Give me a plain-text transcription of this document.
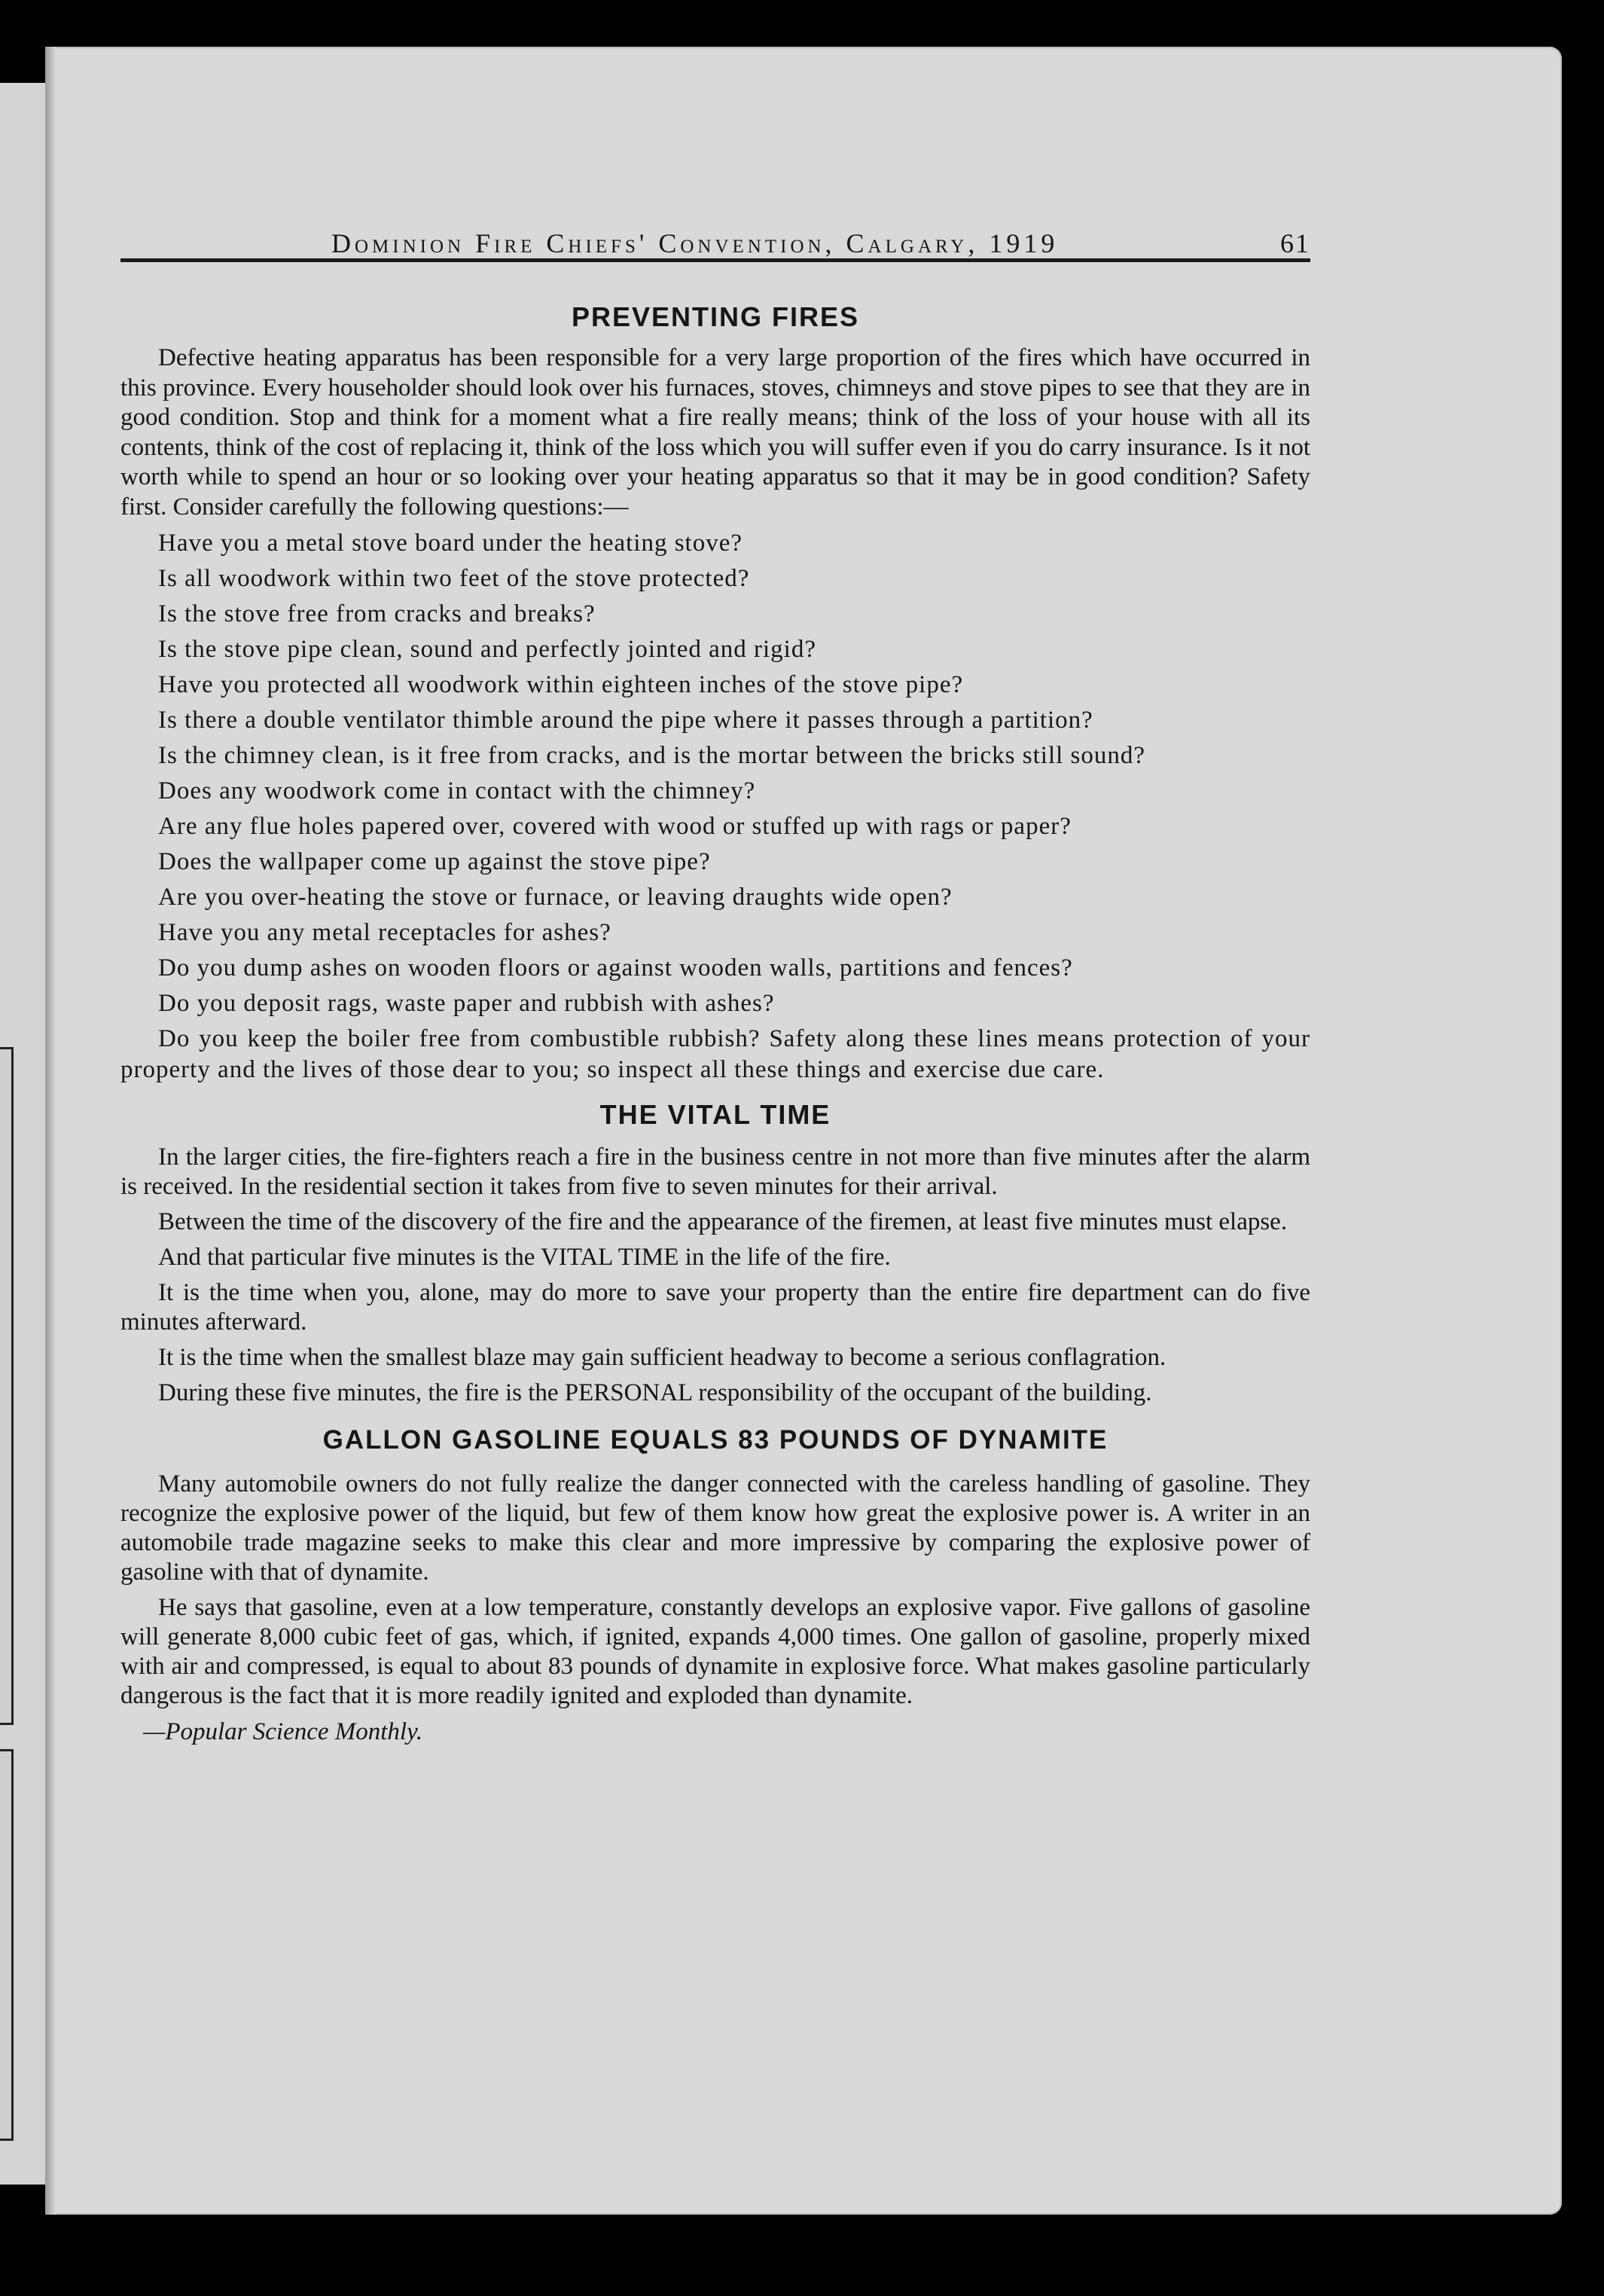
Dominion Fire Chiefs' Convention, Calgary, 1919	61
PREVENTING FIRES

Defective heating apparatus has been responsible for a very large proportion of the fires which have occurred in this province. Every householder should look over his furnaces, stoves, chimneys and stove pipes to see that they are in good condition. Stop and think for a moment what a fire really means; think of the loss of your house with all its contents, think of the cost of replacing it, think of the loss which you will suffer even if you do carry insurance. Is it not worth while to spend an hour or so looking over your heating apparatus so that it may be in good condition? Safety first. Consider carefully the following questions:—

Have you a metal stove board under the heating stove?

Is all woodwork within two feet of the stove protected?

Is the stove free from cracks and breaks?

Is the stove pipe clean, sound and perfectly jointed and rigid?

Have you protected all woodwork within eighteen inches of the stove pipe?

Is there a double ventilator thimble around the pipe where it passes through a partition?

Is the chimney clean, is it free from cracks, and is the mortar between the bricks still sound?

Does any woodwork come in contact with the chimney?

Are any flue holes papered over, covered with wood or stuffed up with rags or paper?

Does the wallpaper come up against the stove pipe?

Are you over-heating the stove or furnace, or leaving draughts wide open?

Have you any metal receptacles for ashes?

Do you dump ashes on wooden floors or against wooden walls, partitions and fences?

Do you deposit rags, waste paper and rubbish with ashes?

Do you keep the boiler free from combustible rubbish? Safety along these lines means protection of your property and the lives of those dear to you; so inspect all these things and exercise due care.

THE VITAL TIME

In the larger cities, the fire-fighters reach a fire in the business centre in not more than five minutes after the alarm is received. In the residential section it takes from five to seven minutes for their arrival.

Between the time of the discovery of the fire and the appearance of the firemen, at least five minutes must elapse.

And that particular five minutes is the VITAL TIME in the life of the fire.

It is the time when you, alone, may do more to save your property than the entire fire department can do five minutes afterward.

It is the time when the smallest blaze may gain sufficient headway to become a serious conflagration.

During these five minutes, the fire is the PERSONAL responsibility of the occupant of the building.

GALLON GASOLINE EQUALS 83 POUNDS OF DYNAMITE

Many automobile owners do not fully realize the danger connected with the careless handling of gasoline. They recognize the explosive power of the liquid, but few of them know how great the explosive power is. A writer in an automobile trade magazine seeks to make this clear and more impressive by comparing the explosive power of gasoline with that of dynamite.

He says that gasoline, even at a low temperature, constantly develops an explosive vapor. Five gallons of gasoline will generate 8,000 cubic feet of gas, which, if ignited, expands 4,000 times. One gallon of gasoline, properly mixed with air and compressed, is equal to about 83 pounds of dynamite in explosive force. What makes gasoline particularly dangerous is the fact that it is more readily ignited and exploded than dynamite.

—Popular Science Monthly.
